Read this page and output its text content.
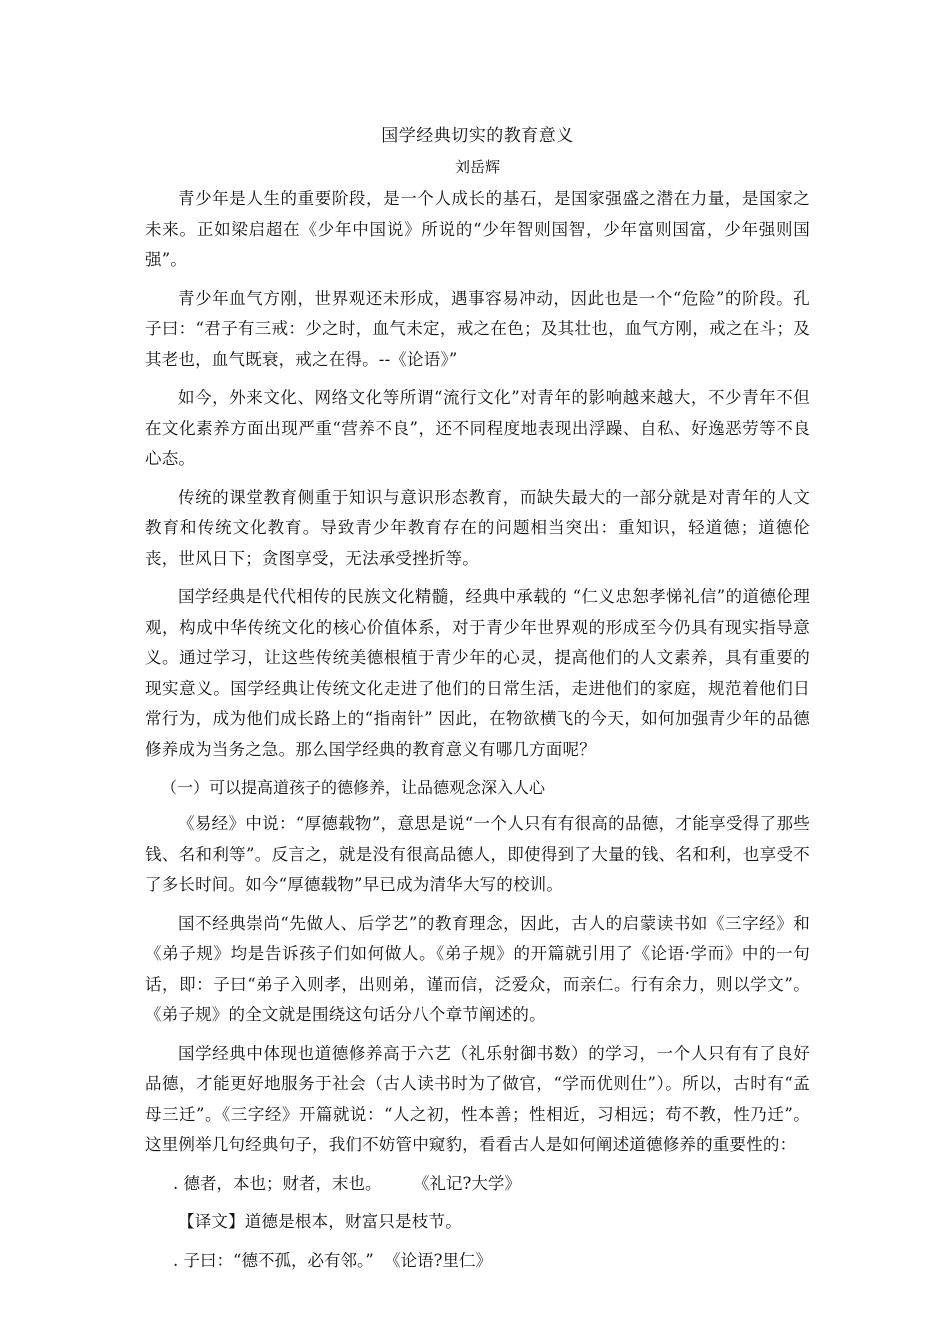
国学经典切实的教育意义

刘岳辉

青少年是人生的重要阶段，是一个人成长的基石，是国家强盛之潜在力量，是国家之未来。正如梁启超在《少年中国说》所说的“少年智则国智，少年富则国富，少年强则国强”。

青少年血气方刚，世界观还未形成，遇事容易冲动，因此也是一个“危险”的阶段。孔子曰：“君子有三戒：少之时，血气未定，戒之在色；及其壮也，血气方刚，戒之在斗；及其老也，血气既衰，戒之在得。--《论语》”

如今，外来文化、网络文化等所谓“流行文化”对青年的影响越来越大，不少青年不但在文化素养方面出现严重“营养不良”，还不同程度地表现出浮躁、自私、好逸恶劳等不良心态。

传统的课堂教育侧重于知识与意识形态教育，而缺失最大的一部分就是对青年的人文教育和传统文化教育。导致青少年教育存在的问题相当突出：重知识，轻道德；道德伦丧，世风日下；贪图享受，无法承受挫折等。

国学经典是代代相传的民族文化精髓，经典中承载的 “仁义忠恕孝悌礼信”的道德伦理观，构成中华传统文化的核心价值体系，对于青少年世界观的形成至今仍具有现实指导意义。通过学习，让这些传统美德根植于青少年的心灵，提高他们的人文素养，具有重要的现实意义。国学经典让传统文化走进了他们的日常生活，走进他们的家庭，规范着他们日常行为，成为他们成长路上的“指南针” 因此，在物欲横飞的今天，如何加强青少年的品德修养成为当务之急。那么国学经典的教育意义有哪几方面呢？

（一）可以提高道孩子的德修养，让品德观念深入人心

《易经》中说：“厚德载物”，意思是说“一个人只有有很高的品德，才能享受得了那些钱、名和利等”。反言之，就是没有很高品德人，即使得到了大量的钱、名和利，也享受不了多长时间。如今“厚德载物”早已成为清华大写的校训。

国不经典崇尚“先做人、后学艺”的教育理念，因此，古人的启蒙读书如《三字经》和《弟子规》均是告诉孩子们如何做人。《弟子规》的开篇就引用了《论语·学而》中的一句话，即：子曰“弟子入则孝，出则弟，谨而信，泛爱众，而亲仁。行有余力，则以学文”。《弟子规》的全文就是围绕这句话分八个章节阐述的。

国学经典中体现也道德修养高于六艺（礼乐射御书数）的学习，一个人只有有了良好品德，才能更好地服务于社会（古人读书时为了做官，“学而优则仕”）。所以，古时有“孟母三迁”。《三字经》开篇就说：“人之初，性本善；性相近，习相远；苟不教，性乃迁”。这里例举几句经典句子，我们不妨管中窥豹，看看古人是如何阐述道德修养的重要性的：

. 德者，本也；财者，末也。      《礼记?大学》

【译文】道德是根本，财富只是枝节。

. 子曰：“德不孤，必有邻。”  《论语?里仁》
